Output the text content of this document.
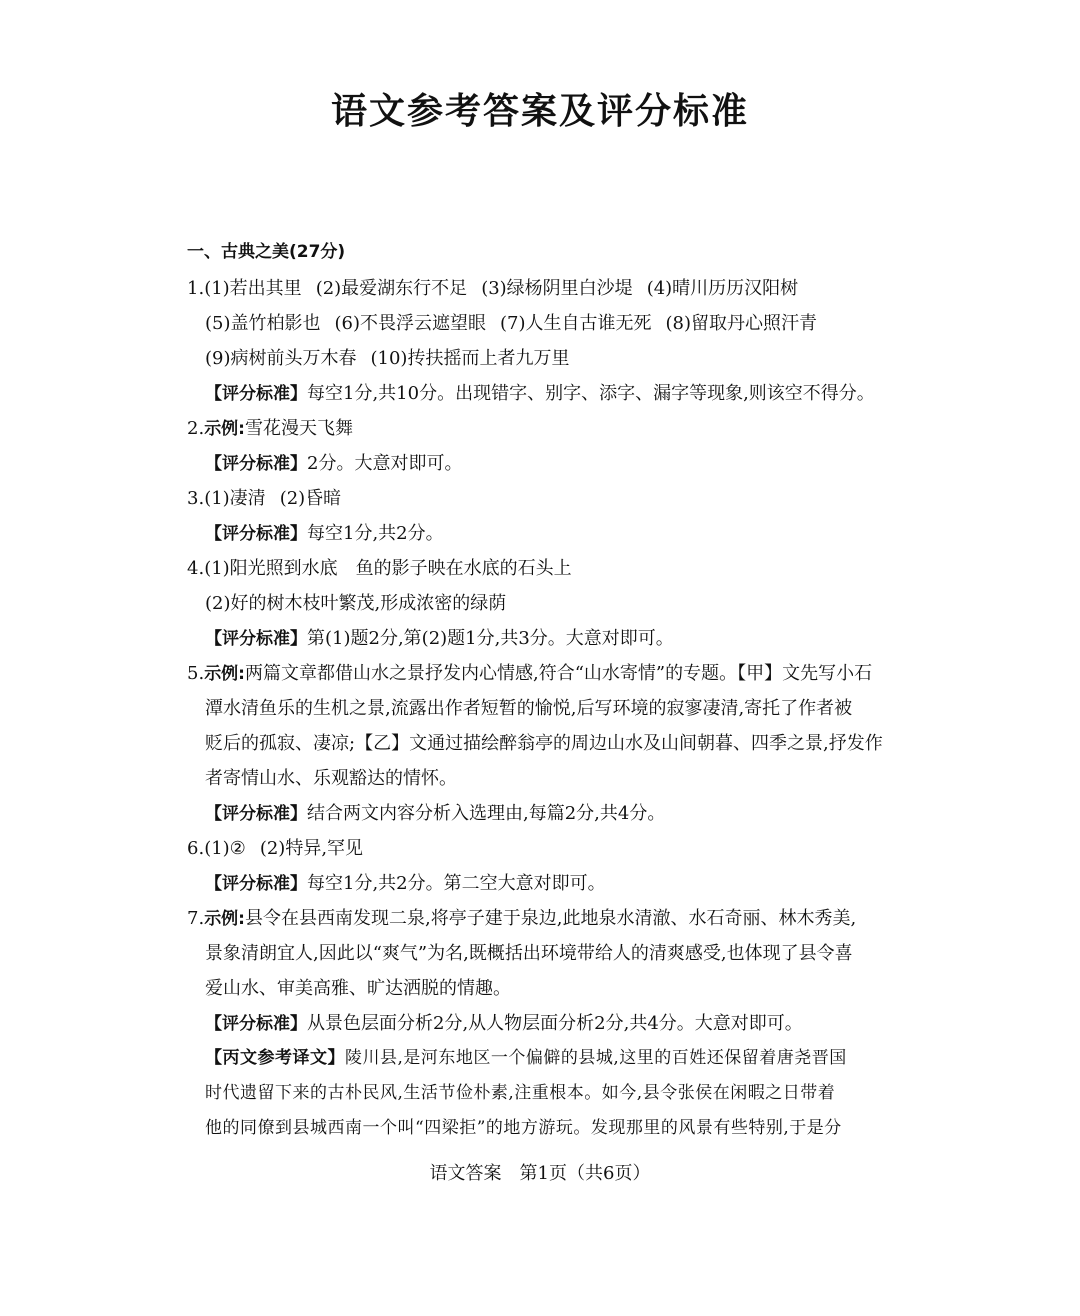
语文参考答案及评分标准
一、古典之美(27分)
1.(1)若出其里 (2)最爱湖东行不足 (3)绿杨阴里白沙堤 (4)晴川历历汉阳树
(5)盖竹柏影也 (6)不畏浮云遮望眼 (7)人生自古谁无死 (8)留取丹心照汗青
(9)病树前头万木春 (10)抟扶摇而上者九万里
【评分标准】每空1分,共10分。出现错字、别字、添字、漏字等现象,则该空不得分。
2.示例:雪花漫天飞舞
【评分标准】2分。大意对即可。
3.(1)凄清 (2)昏暗
【评分标准】每空1分,共2分。
4.(1)阳光照到水底　鱼的影子映在水底的石头上
(2)好的树木枝叶繁茂,形成浓密的绿荫
【评分标准】第(1)题2分,第(2)题1分,共3分。大意对即可。
5.示例:两篇文章都借山水之景抒发内心情感,符合“山水寄情”的专题。【甲】文先写小石
潭水清鱼乐的生机之景,流露出作者短暂的愉悦,后写环境的寂寥凄清,寄托了作者被
贬后的孤寂、凄凉;【乙】文通过描绘醉翁亭的周边山水及山间朝暮、四季之景,抒发作
者寄情山水、乐观豁达的情怀。
【评分标准】结合两文内容分析入选理由,每篇2分,共4分。
6.(1)② (2)特异,罕见
【评分标准】每空1分,共2分。第二空大意对即可。
7.示例:县令在县西南发现二泉,将亭子建于泉边,此地泉水清澈、水石奇丽、林木秀美,
景象清朗宜人,因此以“爽气”为名,既概括出环境带给人的清爽感受,也体现了县令喜
爱山水、审美高雅、旷达洒脱的情趣。
【评分标准】从景色层面分析2分,从人物层面分析2分,共4分。大意对即可。
【丙文参考译文】陵川县,是河东地区一个偏僻的县城,这里的百姓还保留着唐尧晋国
时代遗留下来的古朴民风,生活节俭朴素,注重根本。如今,县令张侯在闲暇之日带着
他的同僚到县城西南一个叫“四梁拒”的地方游玩。发现那里的风景有些特别,于是分
语文答案　第1页（共6页）
